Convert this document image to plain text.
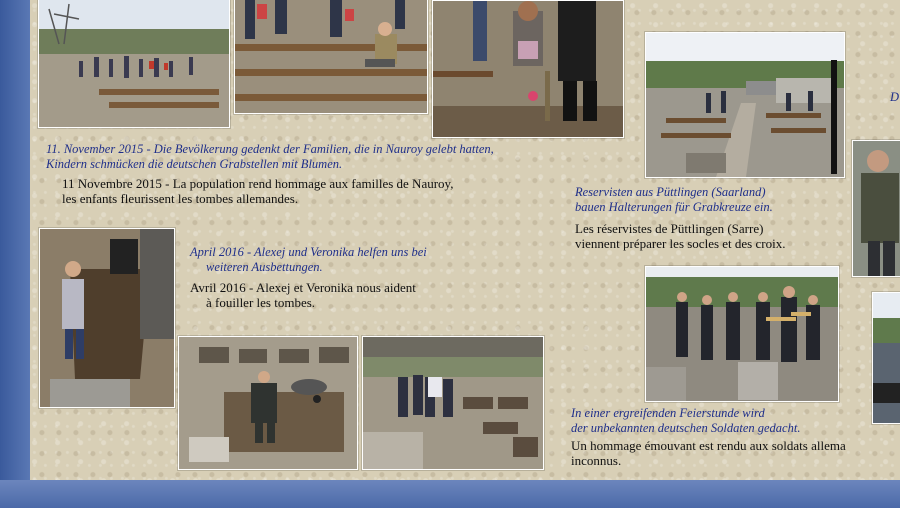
11. November 2015 - Die Bevölkerung gedenkt der Familien, die in Nauroy gelebt hatten,
Kindern schmücken die deutschen Grabstellen mit Blumen.
11 Novembre 2015 - La population rend hommage aux familles de Nauroy,
les enfants fleurissent les tombes allemandes.	Reservisten aus Püttlingen (Saarland)
bauen Halterungen für Grabkreuze ein.
Les réservistes de Püttlingen (Sarre)
viennent préparer les socles et des croix.
April 2016 - Alexej und Veronika helfen uns bei
weiteren Ausbettungen.
Avril 2016 - Alexej et Veronika nous aident
à fouiller les tombes.
In einer ergreifenden Feierstunde wird
der unbekannten deutschen Soldaten gedacht.
Un hommage émouvant est rendu aux soldats allema
inconnus.
D
